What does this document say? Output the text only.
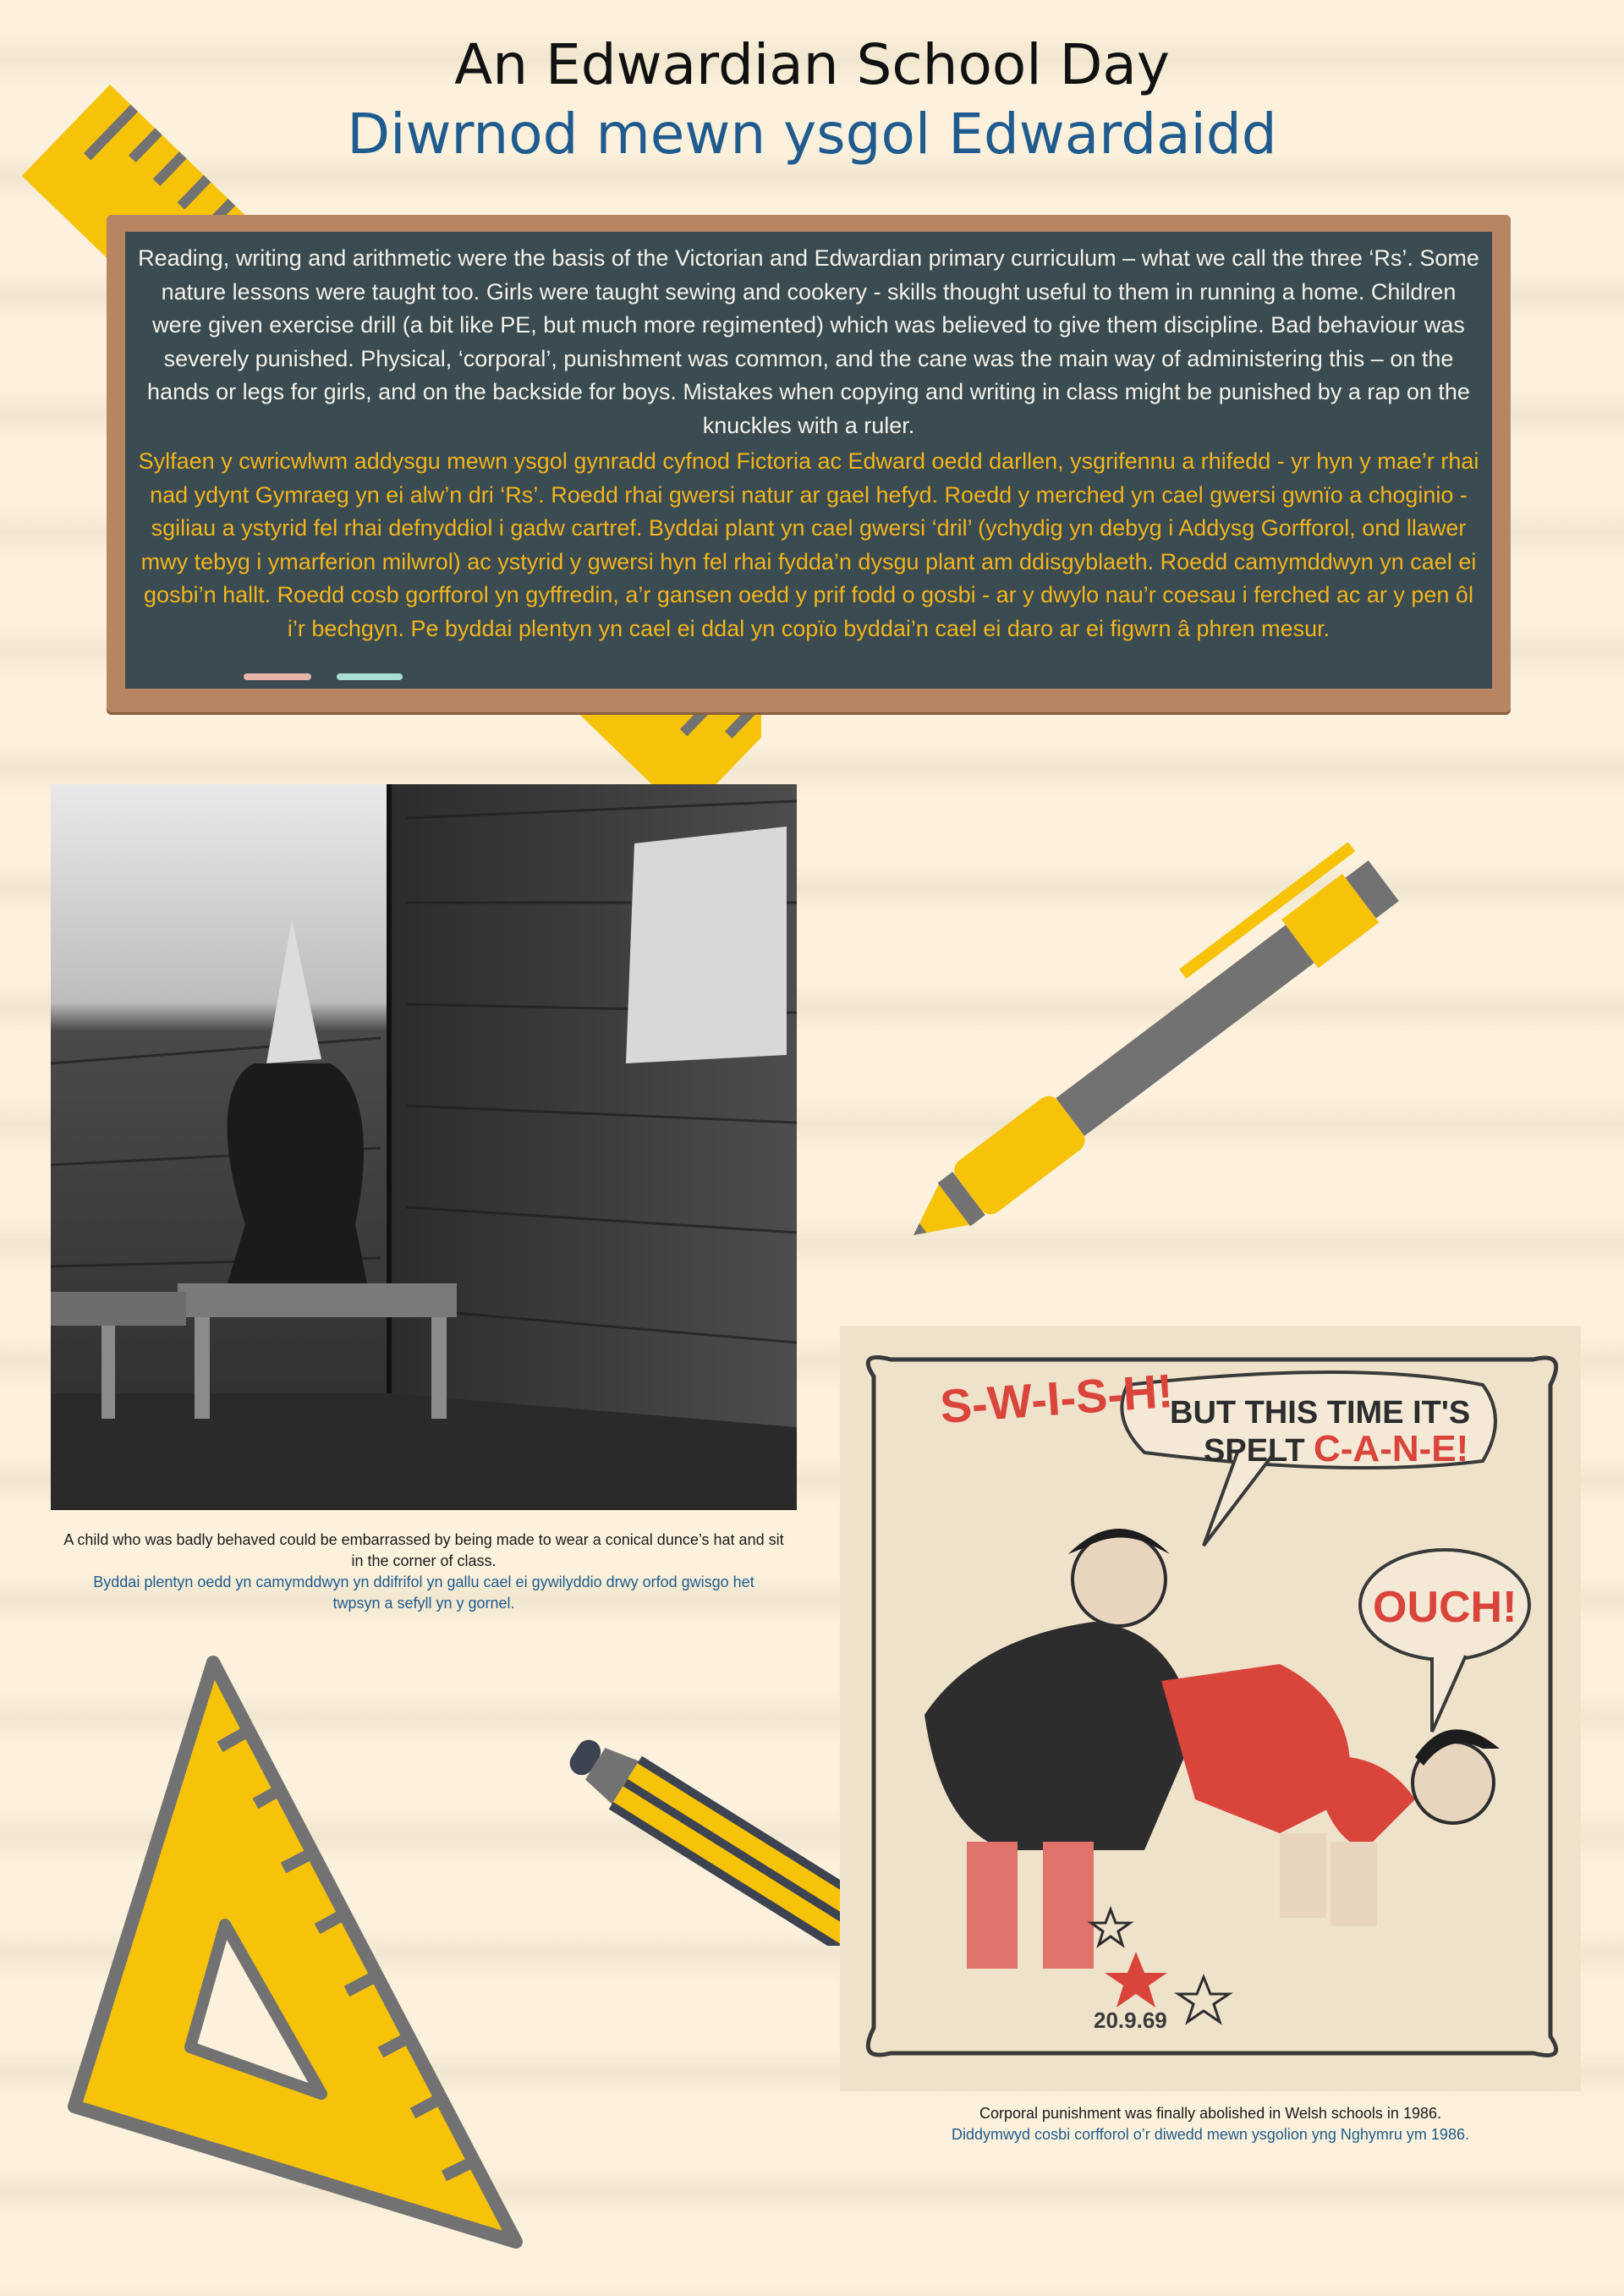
An Edwardian School Day
Diwrnod mewn ysgol Edwardaidd
Reading, writing and arithmetic were the basis of the Victorian and Edwardian primary curriculum – what we call the three ‘Rs’. Some nature lessons were taught too. Girls were taught sewing and cookery - skills thought useful to them in running a home. Children were given exercise drill (a bit like PE, but much more regimented) which was believed to give them discipline. Bad behaviour was severely punished. Physical, ‘corporal’, punishment was common, and the cane was the main way of administering this – on the hands or legs for girls, and on the backside for boys. Mistakes when copying and writing in class might be punished by a rap on the knuckles with a ruler.
Sylfaen y cwricwlwm addysgu mewn ysgol gynradd cyfnod Fictoria ac Edward oedd darllen, ysgrifennu a rhifedd - yr hyn y mae’r rhai nad ydynt Gymraeg yn ei alw’n dri ‘Rs’. Roedd rhai gwersi natur ar gael hefyd. Roedd y merched yn cael gwersi gwnïo a choginio - sgiliau a ystyrid fel rhai defnyddiol i gadw cartref. Byddai plant yn cael gwersi ‘dril’ (ychydig yn debyg i Addysg Gorfforol, ond llawer mwy tebyg i ymarferion milwrol) ac ystyrid y gwersi hyn fel rhai fydda’n dysgu plant am ddisgyblaeth. Roedd camymddwyn yn cael ei gosbi’n hallt. Roedd cosb gorfforol yn gyffredin, a’r gansen oedd y prif fodd o gosbi - ar y dwylo nau’r coesau i ferched ac ar y pen ôl i’r bechgyn. Pe byddai plentyn yn cael ei ddal yn copïo byddai’n cael ei daro ar ei figwrn â phren mesur.
A child who was badly behaved could be embarrassed by being made to wear a conical dunce’s hat and sit in the corner of class.
Byddai plentyn oedd yn camymddwyn yn ddifrifol yn gallu cael ei gywilyddio drwy orfod gwisgo het twpsyn a sefyll yn y gornel.
S-W-I-S-H!
BUT THIS TIME IT'S
SPELT C-A-N-E!
OUCH!
20.9.69
Corporal punishment was finally abolished in Welsh schools in 1986.
Diddymwyd cosbi corfforol o’r diwedd mewn ysgolion yng Nghymru ym 1986.
